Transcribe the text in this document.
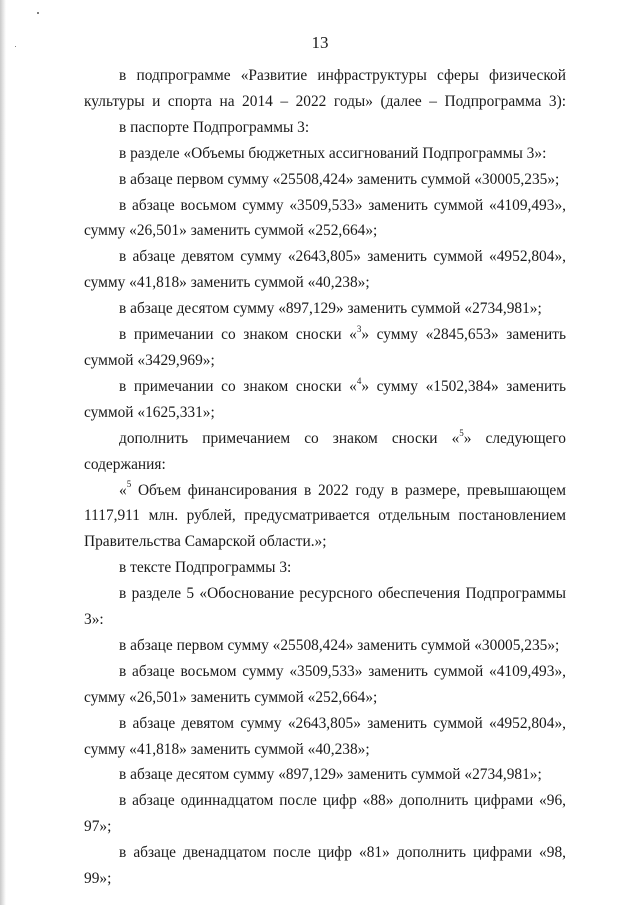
13

в подпрограмме «Развитие инфраструктуры сферы физической культуры и спорта на 2014 – 2022 годы» (далее – Подпрограмма 3):

в паспорте Подпрограммы 3:

в разделе «Объемы бюджетных ассигнований Подпрограммы 3»:

в абзаце первом сумму «25508,424» заменить суммой «30005,235»;

в абзаце восьмом сумму «3509,533» заменить суммой «4109,493», сумму «26,501» заменить суммой «252,664»;

в абзаце девятом сумму «2643,805» заменить суммой «4952,804», сумму «41,818» заменить суммой «40,238»;

в абзаце десятом сумму «897,129» заменить суммой «2734,981»;

в примечании со знаком сноски «$^3$» сумму «2845,653» заменить суммой «3429,969»;

в примечании со знаком сноски «$^4$» сумму «1502,384» заменить суммой «1625,331»;

дополнить примечанием со знаком сноски «$^5$» следующего содержания:

«$^5$ Объем финансирования в 2022 году в размере, превышающем 1117,911 млн. рублей, предусматривается отдельным постановлением Правительства Самарской области.»;

в тексте Подпрограммы 3:

в разделе 5 «Обоснование ресурсного обеспечения Подпрограммы 3»:

в абзаце первом сумму «25508,424» заменить суммой «30005,235»;

в абзаце восьмом сумму «3509,533» заменить суммой «4109,493», сумму «26,501» заменить суммой «252,664»;

в абзаце девятом сумму «2643,805» заменить суммой «4952,804», сумму «41,818» заменить суммой «40,238»;

в абзаце десятом сумму «897,129» заменить суммой «2734,981»;

в абзаце одиннадцатом после цифр «88» дополнить цифрами «96, 97»;

в абзаце двенадцатом после цифр «81» дополнить цифрами «98, 99»;
